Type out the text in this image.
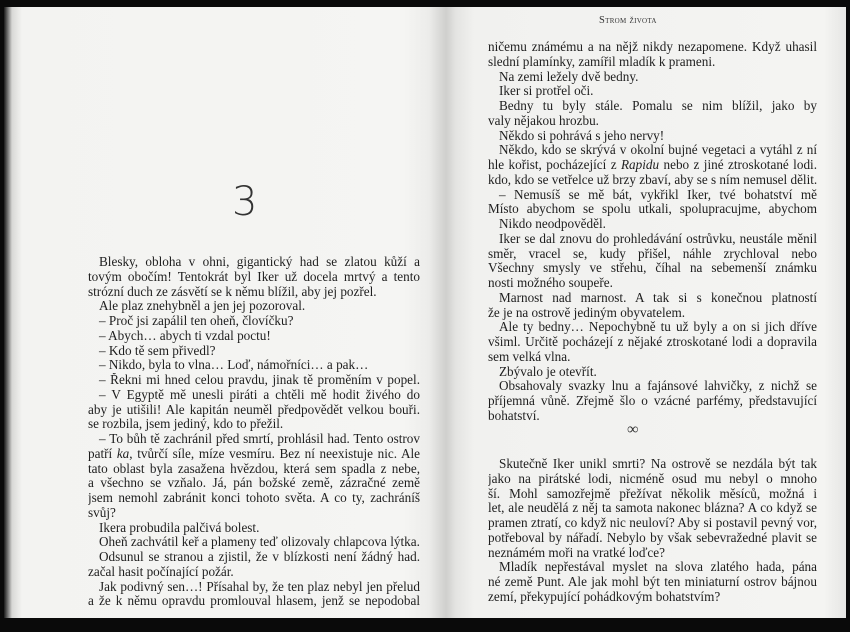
3
Blesky, obloha v ohni, gigantický had se zlatou kůží a
tovým obočím! Tentokrát byl Iker už docela mrtvý a tento
strózní duch ze zásvětí se k němu blížil, aby jej pozřel.
Ale plaz znehybněl a jen jej pozoroval.
– Proč jsi zapálil ten oheň, človíčku?
– Abych… abych ti vzdal poctu!
– Kdo tě sem přivedl?
– Nikdo, byla to vlna… Loď, námořníci… a pak…
– Řekni mi hned celou pravdu, jinak tě proměním v popel.
– V Egyptě mě unesli piráti a chtěli mě hodit živého do
aby je utišili! Ale kapitán neuměl předpovědět velkou bouři.
se rozbila, jsem jediný, kdo to přežil.
– To bůh tě zachránil před smrtí, prohlásil had. Tento ostrov
patří ka, tvůrčí síle, míze vesmíru. Bez ní neexistuje nic. Ale
tato oblast byla zasažena hvězdou, která sem spadla z nebe,
a všechno se vzňalo. Já, pán božské země, zázračné země
jsem nemohl zabránit konci tohoto světa. A co ty, zachráníš
svůj?
Ikera probudila palčivá bolest.
Oheň zachvátil keř a plameny teď olizovaly chlapcova lýtka.
Odsunul se stranou a zjistil, že v blízkosti není žádný had.
začal hasit počínající požár.
Jak podivný sen…! Přísahal by, že ten plaz nebyl jen přelud
a že k němu opravdu promlouval hlasem, jenž se nepodobal
Strom života
ničemu známému a na nějž nikdy nezapomene. Když uhasil
slední plamínky, zamířil mladík k prameni.
Na zemi ležely dvě bedny.
Iker si protřel oči.
Bedny tu byly stále. Pomalu se nim blížil, jako by
valy nějakou hrozbu.
Někdo si pohrává s jeho nervy!
Někdo, kdo se skrývá v okolní bujné vegetaci a vytáhl z ní
hle kořist, pocházející z Rapidu nebo z jiné ztroskotané lodi.
kdo, kdo se vetřelce už brzy zbaví, aby se s ním nemusel dělit.
– Nemusíš se mě bát, vykřikl Iker, tvé bohatství mě
Místo abychom se spolu utkali, spolupracujme, abychom
Nikdo neodpověděl.
Iker se dal znovu do prohledávání ostrůvku, neustále měnil
směr, vracel se, kudy přišel, náhle zrychloval nebo
Všechny smysly ve střehu, číhal na sebemenší známku
nosti možného soupeře.
Marnost nad marnost. A tak si s konečnou platností
že je na ostrově jediným obyvatelem.
Ale ty bedny… Nepochybně tu už byly a on si jich dříve
všiml. Určitě pocházejí z nějaké ztroskotané lodi a dopravila
sem velká vlna.
Zbývalo je otevřít.
Obsahovaly svazky lnu a fajánsové lahvičky, z nichž se
příjemná vůně. Zřejmě šlo o vzácné parfémy, představující
bohatství.
∞
Skutečně Iker unikl smrti? Na ostrově se nezdála být tak
jako na pirátské lodi, nicméně osud mu nebyl o mnoho
ší. Mohl samozřejmě přežívat několik měsíců, možná i
let, ale neudělá z něj ta samota nakonec blázna? A co když se
pramen ztratí, co když nic neuloví? Aby si postavil pevný vor,
potřeboval by nářadí. Nebylo by však sebevražedné plavit se
neznámém moři na vratké loďce?
Mladík nepřestával myslet na slova zlatého hada, pána
né země Punt. Ale jak mohl být ten miniaturní ostrov bájnou
zemí, překypující pohádkovým bohatstvím?
